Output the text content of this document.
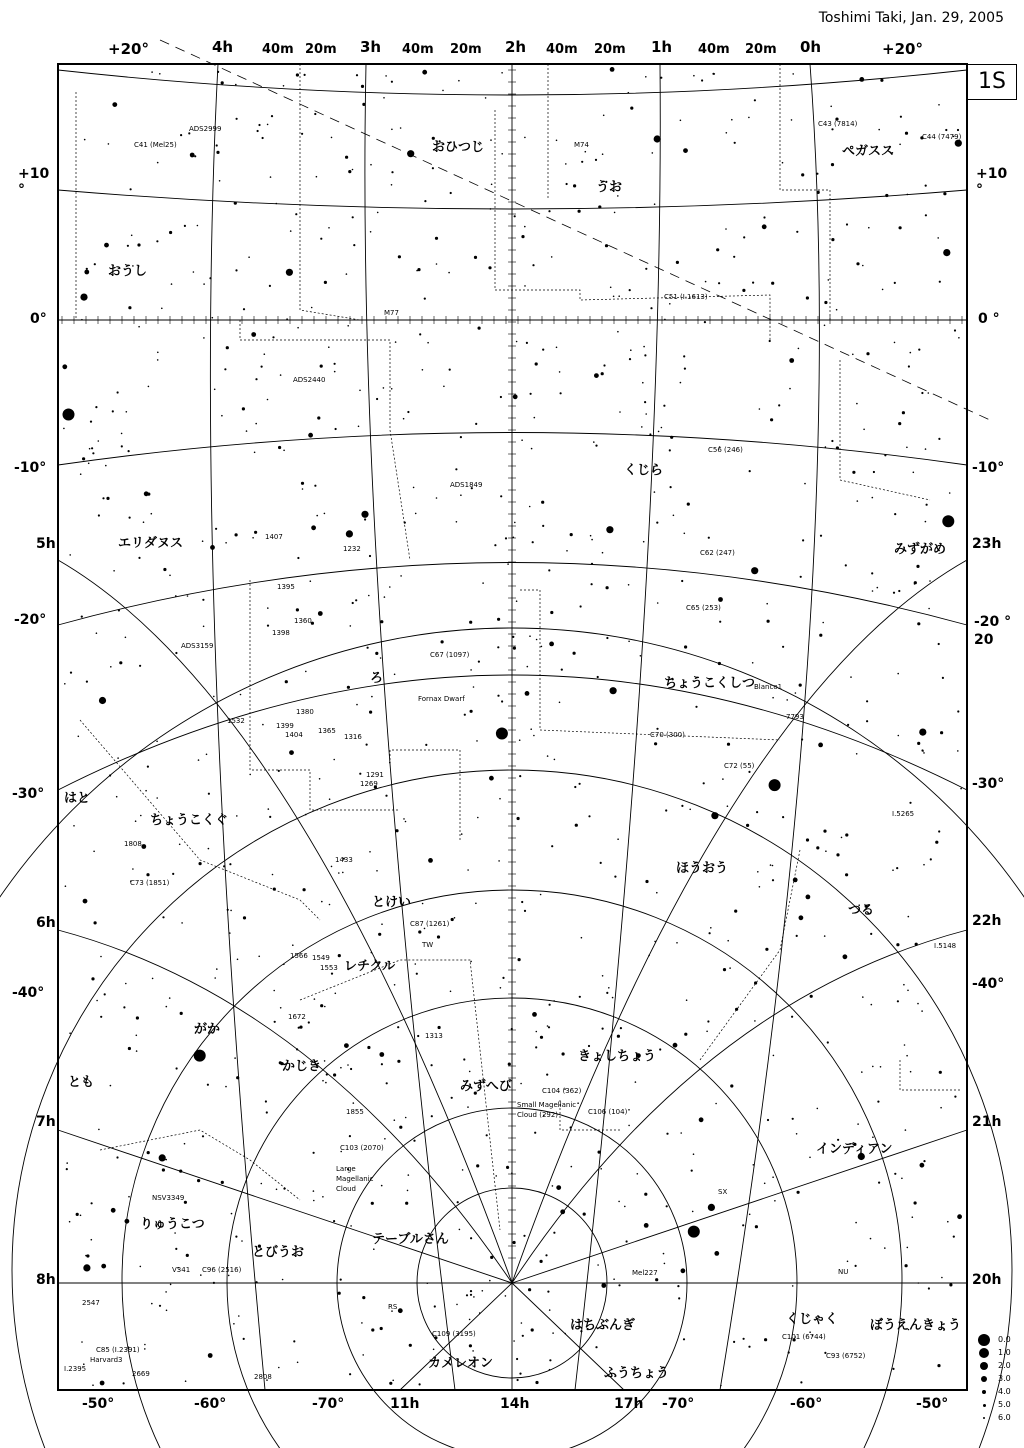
Toshimi Taki, Jan. 29, 2005
+20°	4h 40m 20m 3h 40m 20m 2h 40m 20m 1h 40m 20m 0h	+20°
1S
+10 °
0°
-10°
-20°
-30°
-40°
-50°
5h
6h
7h
8h
+10 °
0 °
-10°
23h
-20 °
20
-30°
22h
-40°
21h
20h
-60°	-70°	11h	14h	17h -70°	-60°	-50°
おうし
おひつじ
うお
ペガスス
エリダヌス
くじら
みずがめ
ろ	ちょうこくしつ
はと
ちょうこくぐ
ほうおう
つる
とけい
レチクル
がか
かじき
きょしちょう
みずへび
とも
インディアン
りゅうこつ
とびうお
テーブルさん
はちぶんぎ	くじゃく ぼうえんきょう
カメレオン
ふうちょう
ADS2999
C41 (Mel25)
C43 (7814)
C44 (7479)
M74
M77
C51 (I.1613)
ADS2440
ADS1849
C56 (246)
C62 (247)
C65 (253)
1407
1232
1395
1360
1398
ADS3159
C67 (1097)
Fornax Dwarf
Blanco1
7793
1532
1380
1399
1404 1365
1316	C70 (300)
C72 (55)
1291
1269
I.5265
1808
C73 (1851)
1433
C87 (1261)
TW	I.5148
1566 1549
1553
1672
1313
C104 (362)
Small Magellanic Cloud (292)	C106 (104)
1855
C103 (2070)
Large Magellanic Cloud
NSV3349
SX
V341 C96 (2516)	Mel227	NU
2547
C85 (I.2391)
Harvard3
2669
I.2395
2808
RS
C109 (3195)	C101 (6744)
C93 (6752)
0.0
1.0
2.0
3.0
4.0
5.0
6.0
